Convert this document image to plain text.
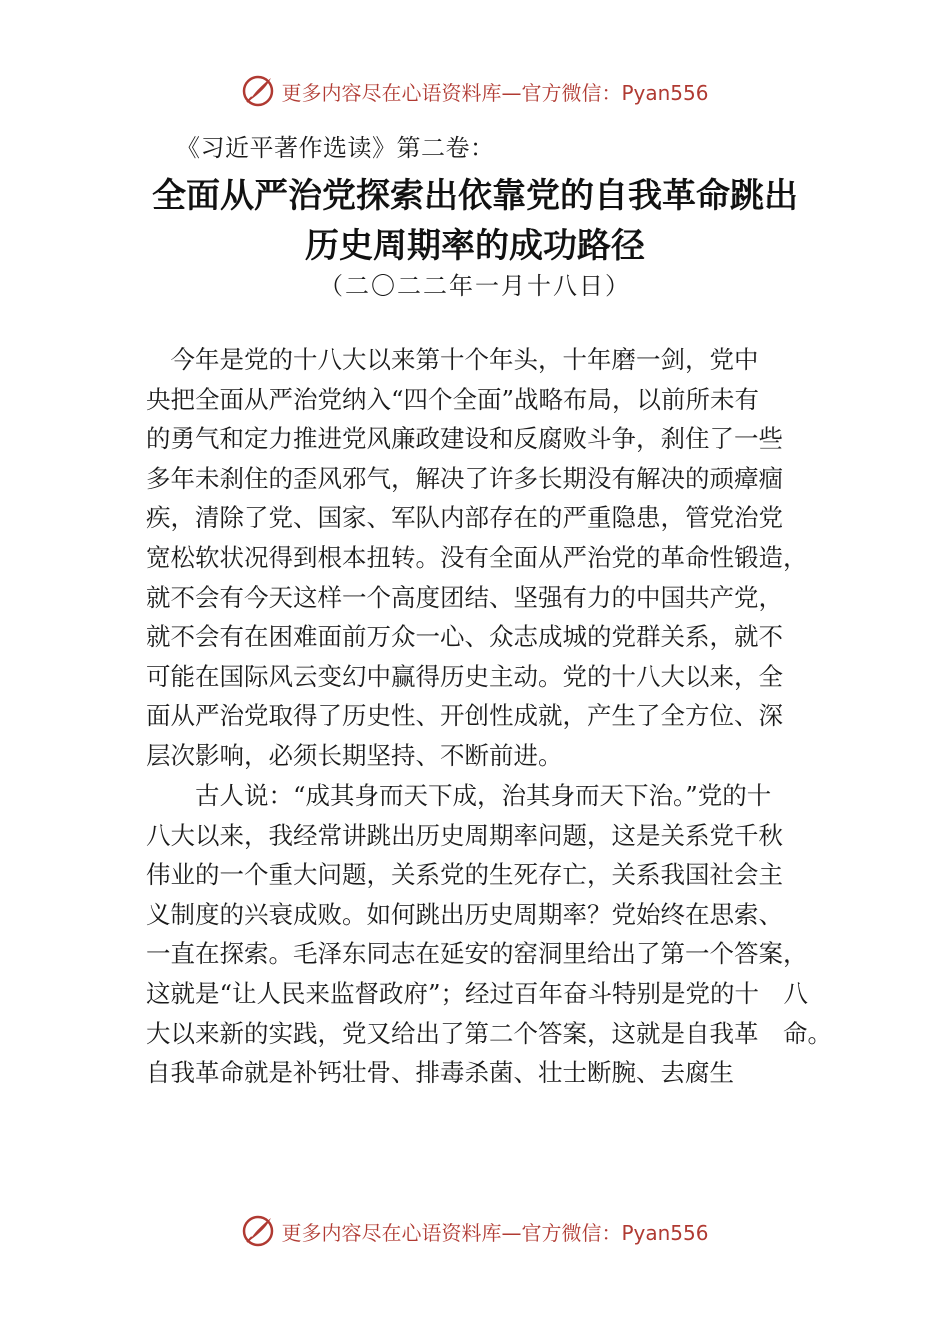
更多内容尽在心语资料库—官方微信：Pyan556
《习近平著作选读》第二卷：
全面从严治党探索出依靠党的自我革命跳出
历史周期率的成功路径
（二〇二二年一月十八日）
　今年是党的十八大以来第十个年头，十年磨一剑，党中
央把全面从严治党纳入“四个全面”战略布局，以前所未有
的勇气和定力推进党风廉政建设和反腐败斗争，刹住了一些
多年未刹住的歪风邪气，解决了许多长期没有解决的顽瘴痼
疾，清除了党、国家、军队内部存在的严重隐患，管党治党
宽松软状况得到根本扭转。没有全面从严治党的革命性锻造，
就不会有今天这样一个高度团结、坚强有力的中国共产党，
就不会有在困难面前万众一心、众志成城的党群关系，就不
可能在国际风云变幻中赢得历史主动。党的十八大以来，全
面从严治党取得了历史性、开创性成就，产生了全方位、深
层次影响，必须长期坚持、不断前进。
　　古人说：“成其身而天下成，治其身而天下治。”党的十
八大以来，我经常讲跳出历史周期率问题，这是关系党千秋
伟业的一个重大问题，关系党的生死存亡，关系我国社会主
义制度的兴衰成败。如何跳出历史周期率？党始终在思索、
一直在探索。毛泽东同志在延安的窑洞里给出了第一个答案，
这就是“让人民来监督政府”；经过百年奋斗特别是党的十　八
大以来新的实践，党又给出了第二个答案，这就是自我革　命。
自我革命就是补钙壮骨、排毒杀菌、壮士断腕、去腐生
更多内容尽在心语资料库—官方微信：Pyan556
